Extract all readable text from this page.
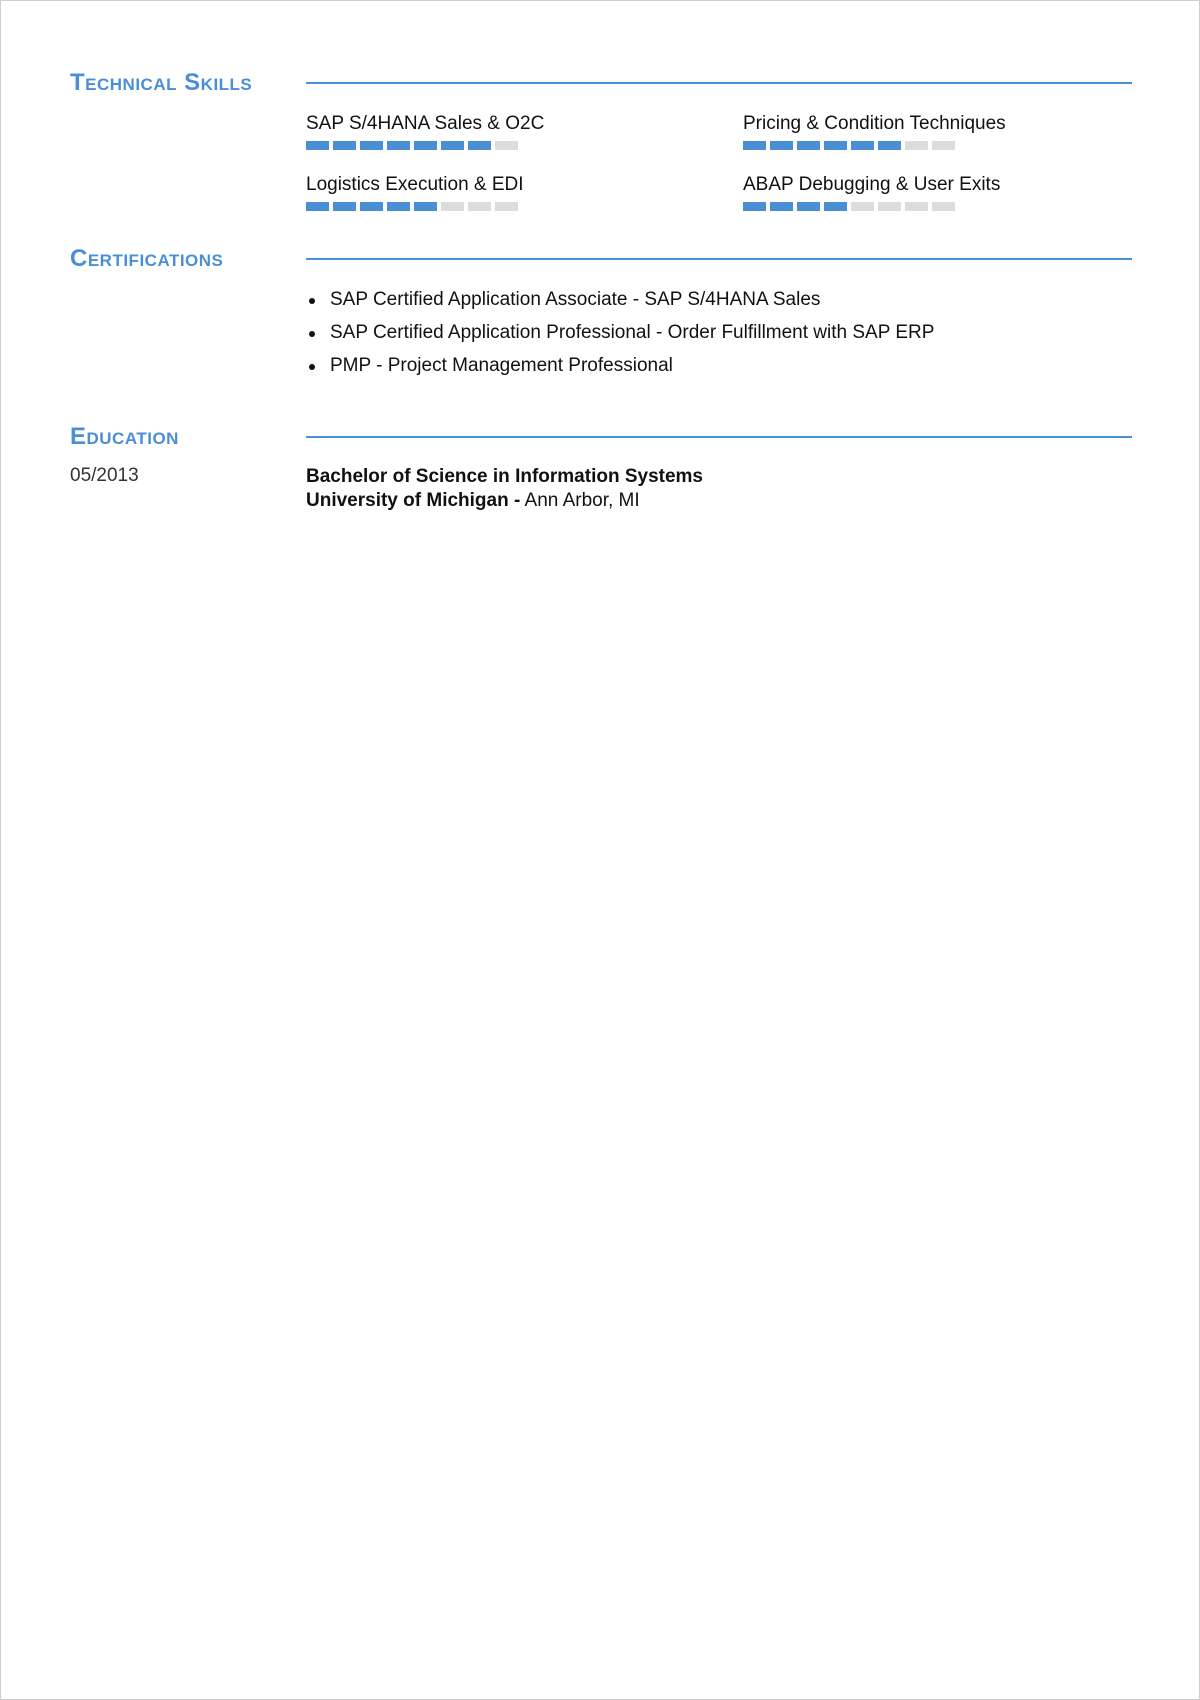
Technical Skills
SAP S/4HANA Sales & O2C	Pricing & Condition Techniques
Logistics Execution & EDI	ABAP Debugging & User Exits
Certifications
SAP Certified Application Associate - SAP S/4HANA Sales
SAP Certified Application Professional - Order Fulfillment with SAP ERP
PMP - Project Management Professional
Education
05/2013	Bachelor of Science in Information Systems
University of Michigan - Ann Arbor, MI
